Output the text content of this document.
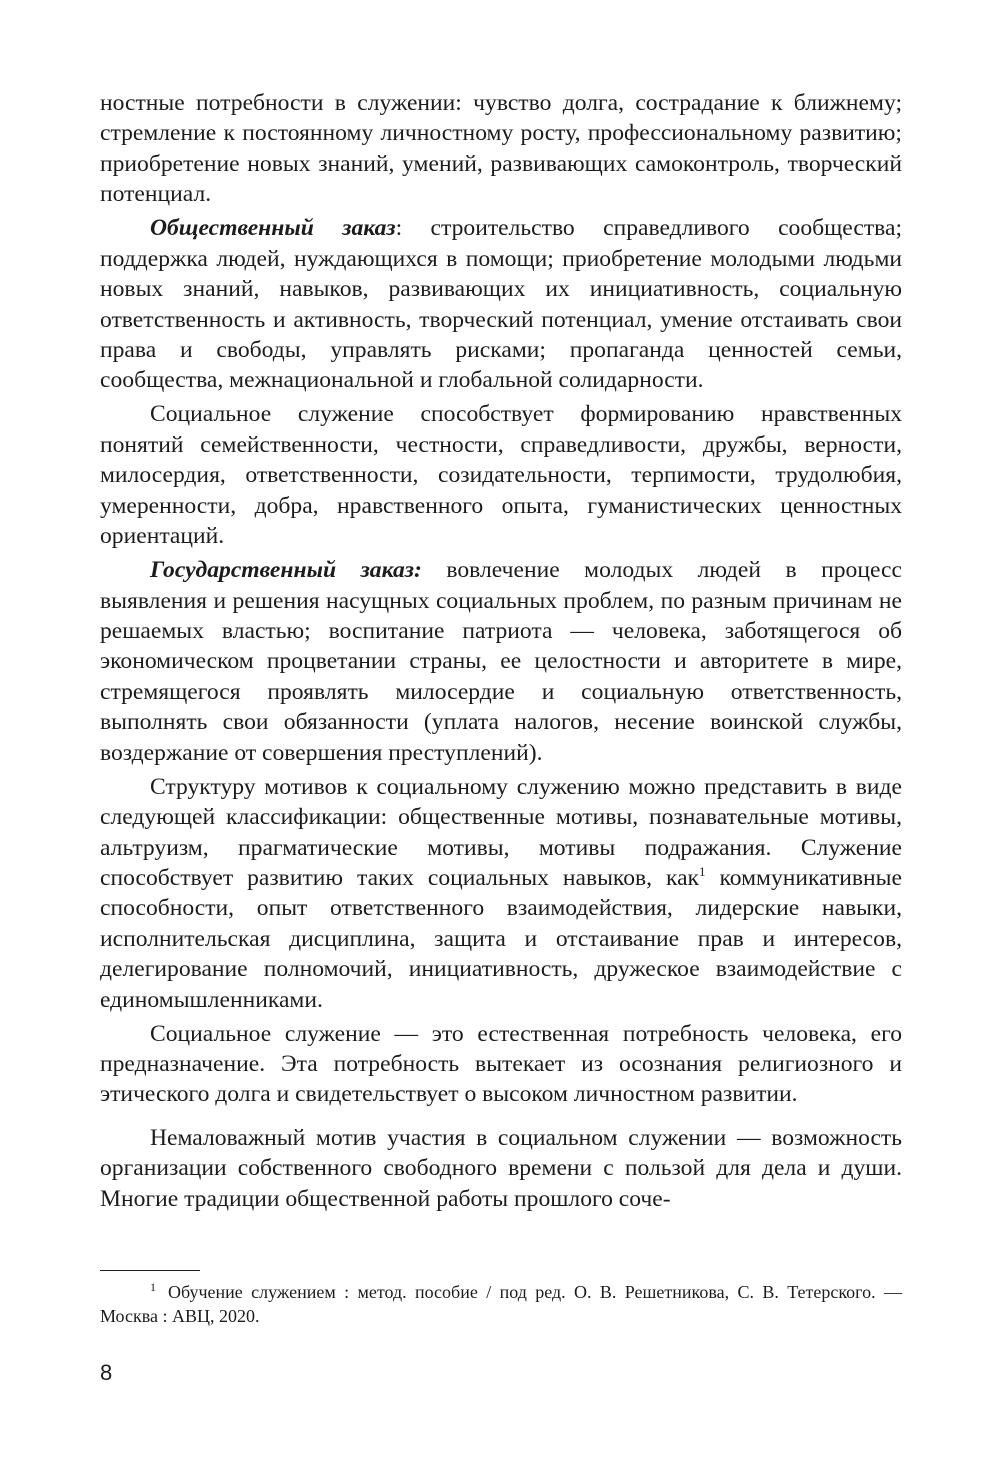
ностные потребности в служении: чувство долга, сострадание к ближнему; стремление к постоянному личностному росту, профессиональному развитию; приобретение новых знаний, умений, развивающих самоконтроль, творческий потенциал.

Общественный заказ: строительство справедливого сообщества; поддержка людей, нуждающихся в помощи; приобретение молодыми людьми новых знаний, навыков, развивающих их инициативность, социальную ответственность и активность, творческий потенциал, умение отстаивать свои права и свободы, управлять рисками; пропаганда ценностей семьи, сообщества, межнациональной и глобальной солидарности.

Социальное служение способствует формированию нравственных понятий семейственности, честности, справедливости, дружбы, верности, милосердия, ответственности, созидательности, терпимости, трудолюбия, умеренности, добра, нравственного опыта, гуманистических ценностных ориентаций.

Государственный заказ: вовлечение молодых людей в процесс выявления и решения насущных социальных проблем, по разным причинам не решаемых властью; воспитание патриота — человека, заботящегося об экономическом процветании страны, ее целостности и авторитете в мире, стремящегося проявлять милосердие и социальную ответственность, выполнять свои обязанности (уплата налогов, несение воинской службы, воздержание от совершения преступлений).

Структуру мотивов к социальному служению можно представить в виде следующей классификации: общественные мотивы, познавательные мотивы, альтруизм, прагматические мотивы, мотивы подражания. Служение способствует развитию таких социальных навыков, как$^1$ коммуникативные способности, опыт ответственного взаимодействия, лидерские навыки, исполнительская дисциплина, защита и отстаивание прав и интересов, делегирование полномочий, инициативность, дружеское взаимодействие с единомышленниками.

Социальное служение — это естественная потребность человека, его предназначение. Эта потребность вытекает из осознания религиозного и этического долга и свидетельствует о высоком личностном развитии.

Немаловажный мотив участия в социальном служении — возможность организации собственного свободного времени с пользой для дела и души. Многие традиции общественной работы прошлого соче-

$^1$ Обучение служением : метод. пособие / под ред. О. В. Решетникова, С. В. Тетерского. — Москва : АВЦ, 2020.
8
